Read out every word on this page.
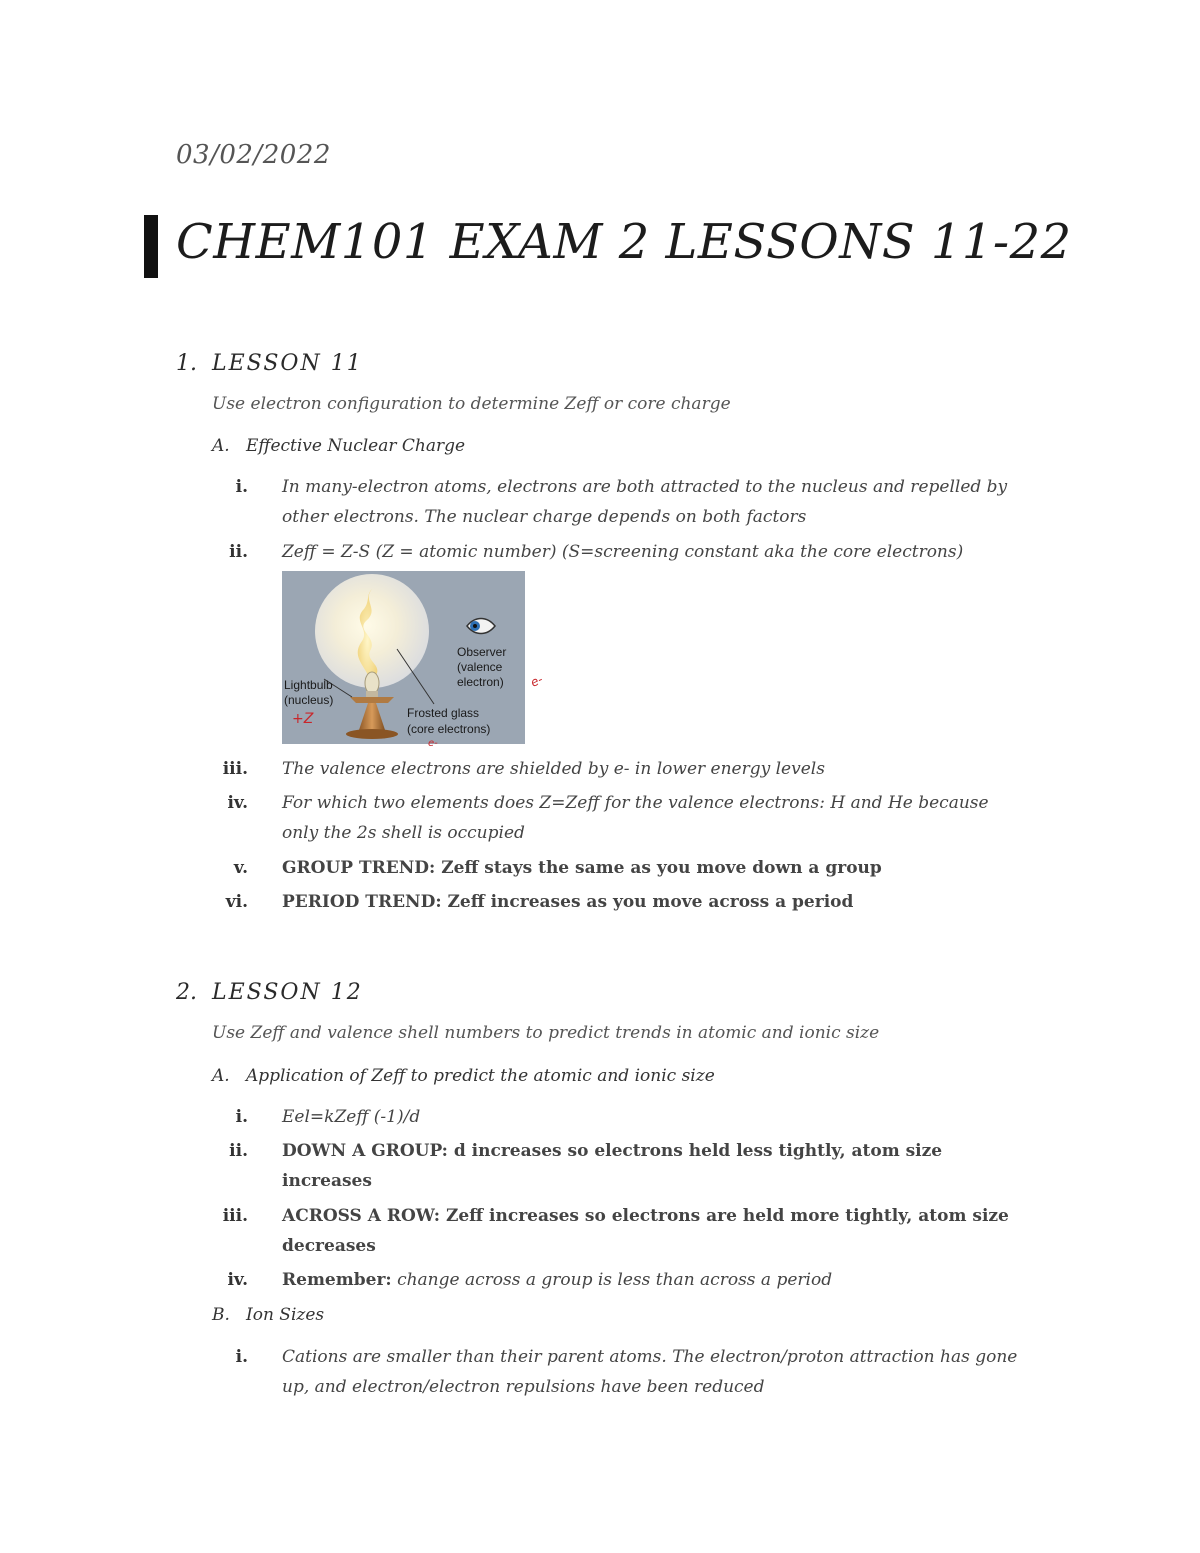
03/02/2022
CHEM101 EXAM 2 LESSONS 11-22
1. LESSON 11
Use electron configuration to determine Zeff or core charge
A. Effective Nuclear Charge
i. In many-electron atoms, electrons are both attracted to the nucleus and repelled by other electrons. The nuclear charge depends on both factors
ii. Zeff = Z-S (Z = atomic number) (S=screening constant aka the core electrons)
Observer
(valence
electron)
Lightbulb
(nucleus)
Frosted glass
(core electrons)
+Z
e-
e-
iii. The valence electrons are shielded by e- in lower energy levels
iv. For which two elements does Z=Zeff for the valence electrons: H and He because only the 2s shell is occupied
v. GROUP TREND: Zeff stays the same as you move down a group
vi. PERIOD TREND: Zeff increases as you move across a period
2. LESSON 12
Use Zeff and valence shell numbers to predict trends in atomic and ionic size
A. Application of Zeff to predict the atomic and ionic size
i. Eel=kZeff (-1)/d
ii. DOWN A GROUP: d increases so electrons held less tightly, atom size increases
iii. ACROSS A ROW: Zeff increases so electrons are held more tightly, atom size decreases
iv. Remember: change across a group is less than across a period
B. Ion Sizes
i. Cations are smaller than their parent atoms. The electron/proton attraction has gone up, and electron/electron repulsions have been reduced
